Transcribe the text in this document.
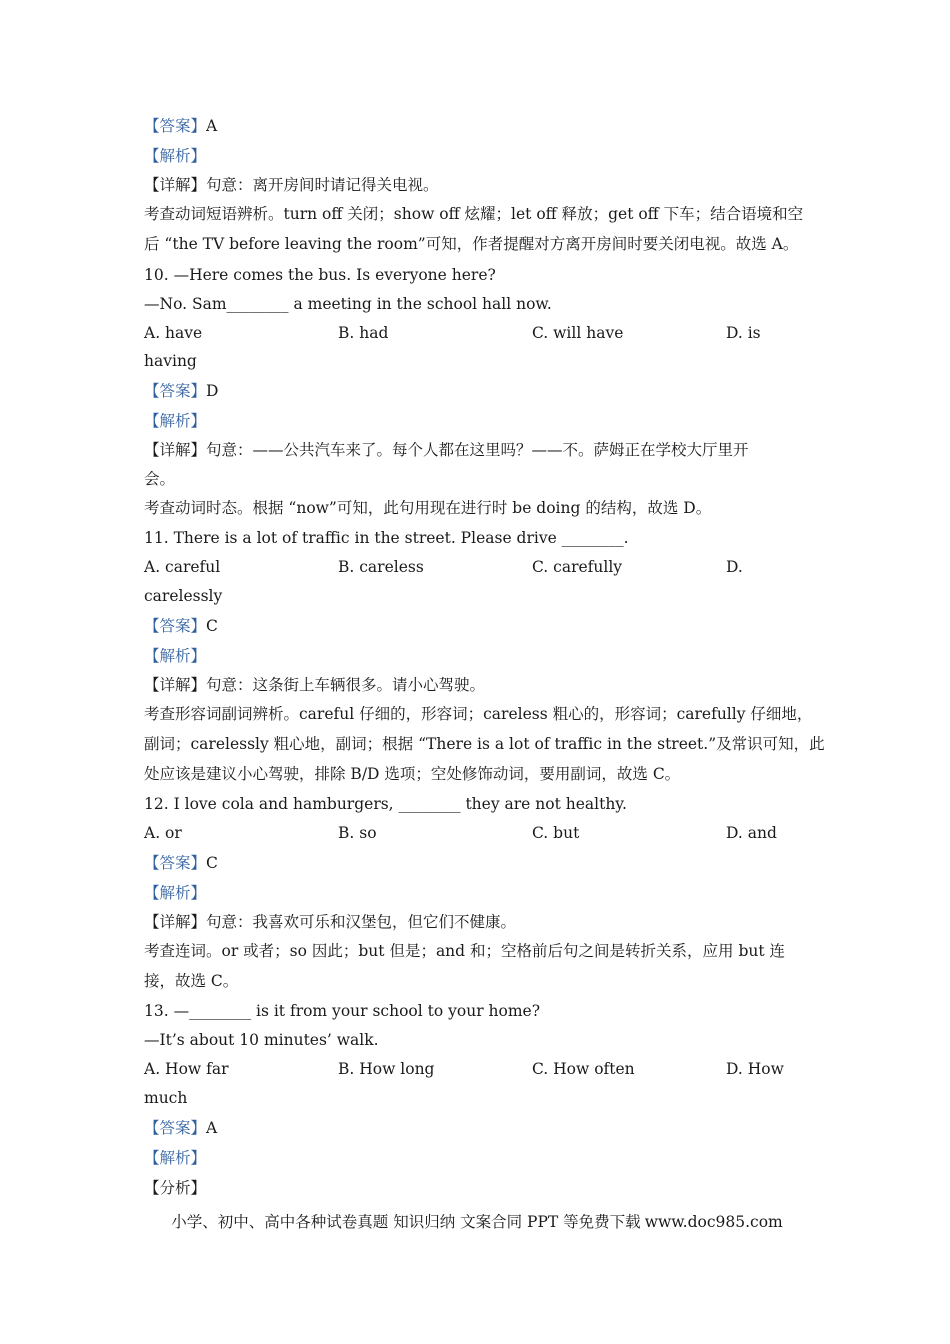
【答案】A
【解析】
【详解】句意：离开房间时请记得关电视。
考查动词短语辨析。turn off 关闭；show off 炫耀；let off 释放；get off 下车；结合语境和空
后 “the TV before leaving the room”可知，作者提醒对方离开房间时要关闭电视。故选 A。
10. —Here comes the bus. Is everyone here?
—No. Sam________ a meeting in the school hall now.
A. have	B. had	C. will have	D. is
having
【答案】D
【解析】
【详解】句意：——公共汽车来了。每个人都在这里吗？——不。萨姆正在学校大厅里开
会。
考查动词时态。根据 “now”可知，此句用现在进行时 be doing 的结构，故选 D。
11. There is a lot of traffic in the street. Please drive ________.
A. careful	B. careless	C. carefully	D.
carelessly
【答案】C
【解析】
【详解】句意：这条街上车辆很多。请小心驾驶。
考查形容词副词辨析。careful 仔细的，形容词；careless 粗心的，形容词；carefully 仔细地，
副词；carelessly 粗心地，副词；根据 “There is a lot of traffic in the street.”及常识可知，此
处应该是建议小心驾驶，排除 B/D 选项；空处修饰动词，要用副词，故选 C。
12. I love cola and hamburgers, ________ they are not healthy.
A. or	B. so	C. but	D. and
【答案】C
【解析】
【详解】句意：我喜欢可乐和汉堡包，但它们不健康。
考查连词。or 或者；so 因此；but 但是；and 和；空格前后句之间是转折关系，应用 but 连
接，故选 C。
13. —________ is it from your school to your home?
—It’s about 10 minutes’ walk.
A. How far	B. How long	C. How often	D. How
much
【答案】A
【解析】
【分析】
小学、初中、高中各种试卷真题 知识归纳 文案合同 PPT 等免费下载 www.doc985.com
